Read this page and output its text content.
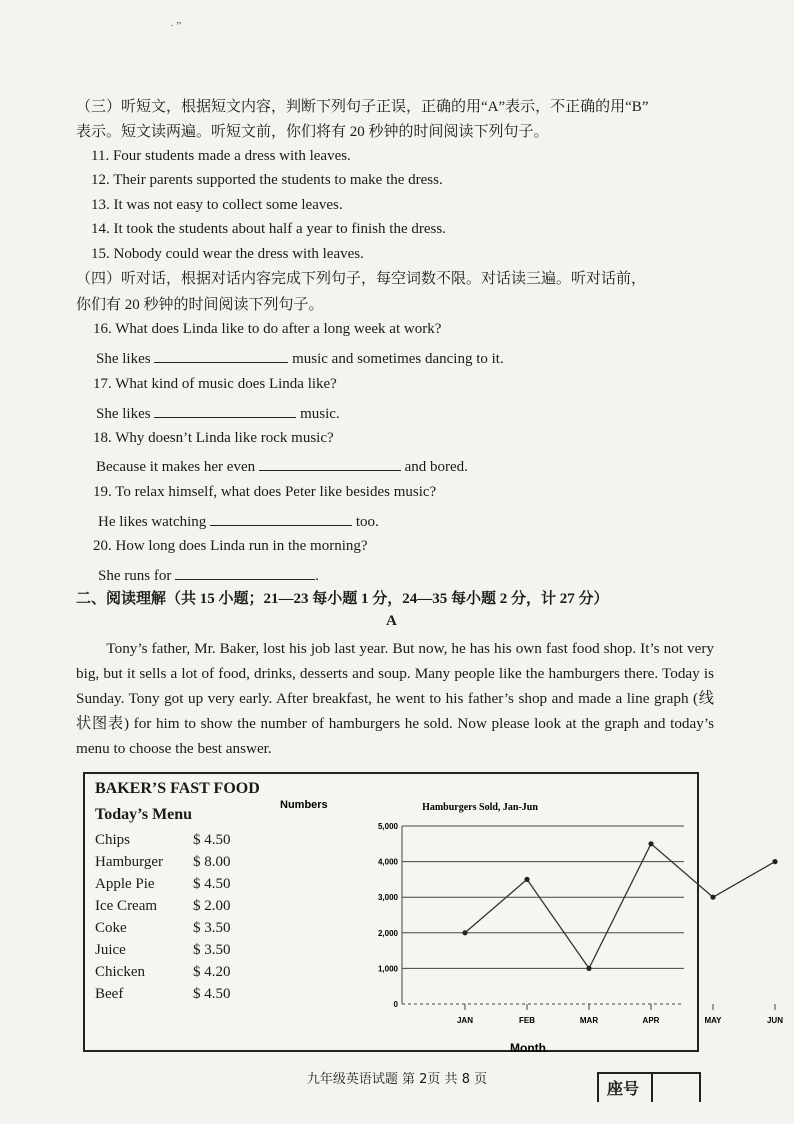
· ”
（三）听短文，根据短文内容，判断下列句子正误，正确的用“A”表示，不正确的用“B”
表示。短文读两遍。听短文前，你们将有 20 秒钟的时间阅读下列句子。
11. Four students made a dress with leaves.
12. Their parents supported the students to make the dress.
13. It was not easy to collect some leaves.
14. It took the students about half a year to finish the dress.
15. Nobody could wear the dress with leaves.
（四）听对话，根据对话内容完成下列句子，每空词数不限。对话读三遍。听对话前，
你们有 20 秒钟的时间阅读下列句子。
16. What does Linda like to do after a long week at work?
She likes	music and sometimes dancing to it.
17. What kind of music does Linda like?
She likes	music.
18. Why doesn’t Linda like rock music?
Because it makes her even	and bored.
19. To relax himself, what does Peter like besides music?
He likes watching	too.
20. How long does Linda run in the morning?
She runs for	.
二、阅读理解（共 15 小题；21—23 每小题 1 分，24—35 每小题 2 分，计 27 分）
A

Tony’s father, Mr. Baker, lost his job last year. But now, he has his own fast food shop. It’s not very big, but it sells a lot of food, drinks, desserts and soup. Many people like the hamburgers there. Today is Sunday. Tony got up very early. After breakfast, he went to his father’s shop and made a line graph (线状图表) for him to show the number of hamburgers he sold. Now please look at the graph and today’s menu to choose the best answer.

BAKER’S FAST FOOD
Today’s Menu
Chips	$ 4.50
Hamburger $ 8.00
Apple Pie	$ 4.50
Ice Cream $ 2.00
Coke	$ 3.50
Juice	$ 3.50
Chicken	$ 4.20
Beef	$ 4.50
Numbers	Hamburgers Sold, Jan-Jun
0
1,000
2,000
3,000
4,000
5,000
JAN	FEB	MAR	APR	MAY	JUN
Month
九年级英语试题 第 2页 共 8 页	座号
